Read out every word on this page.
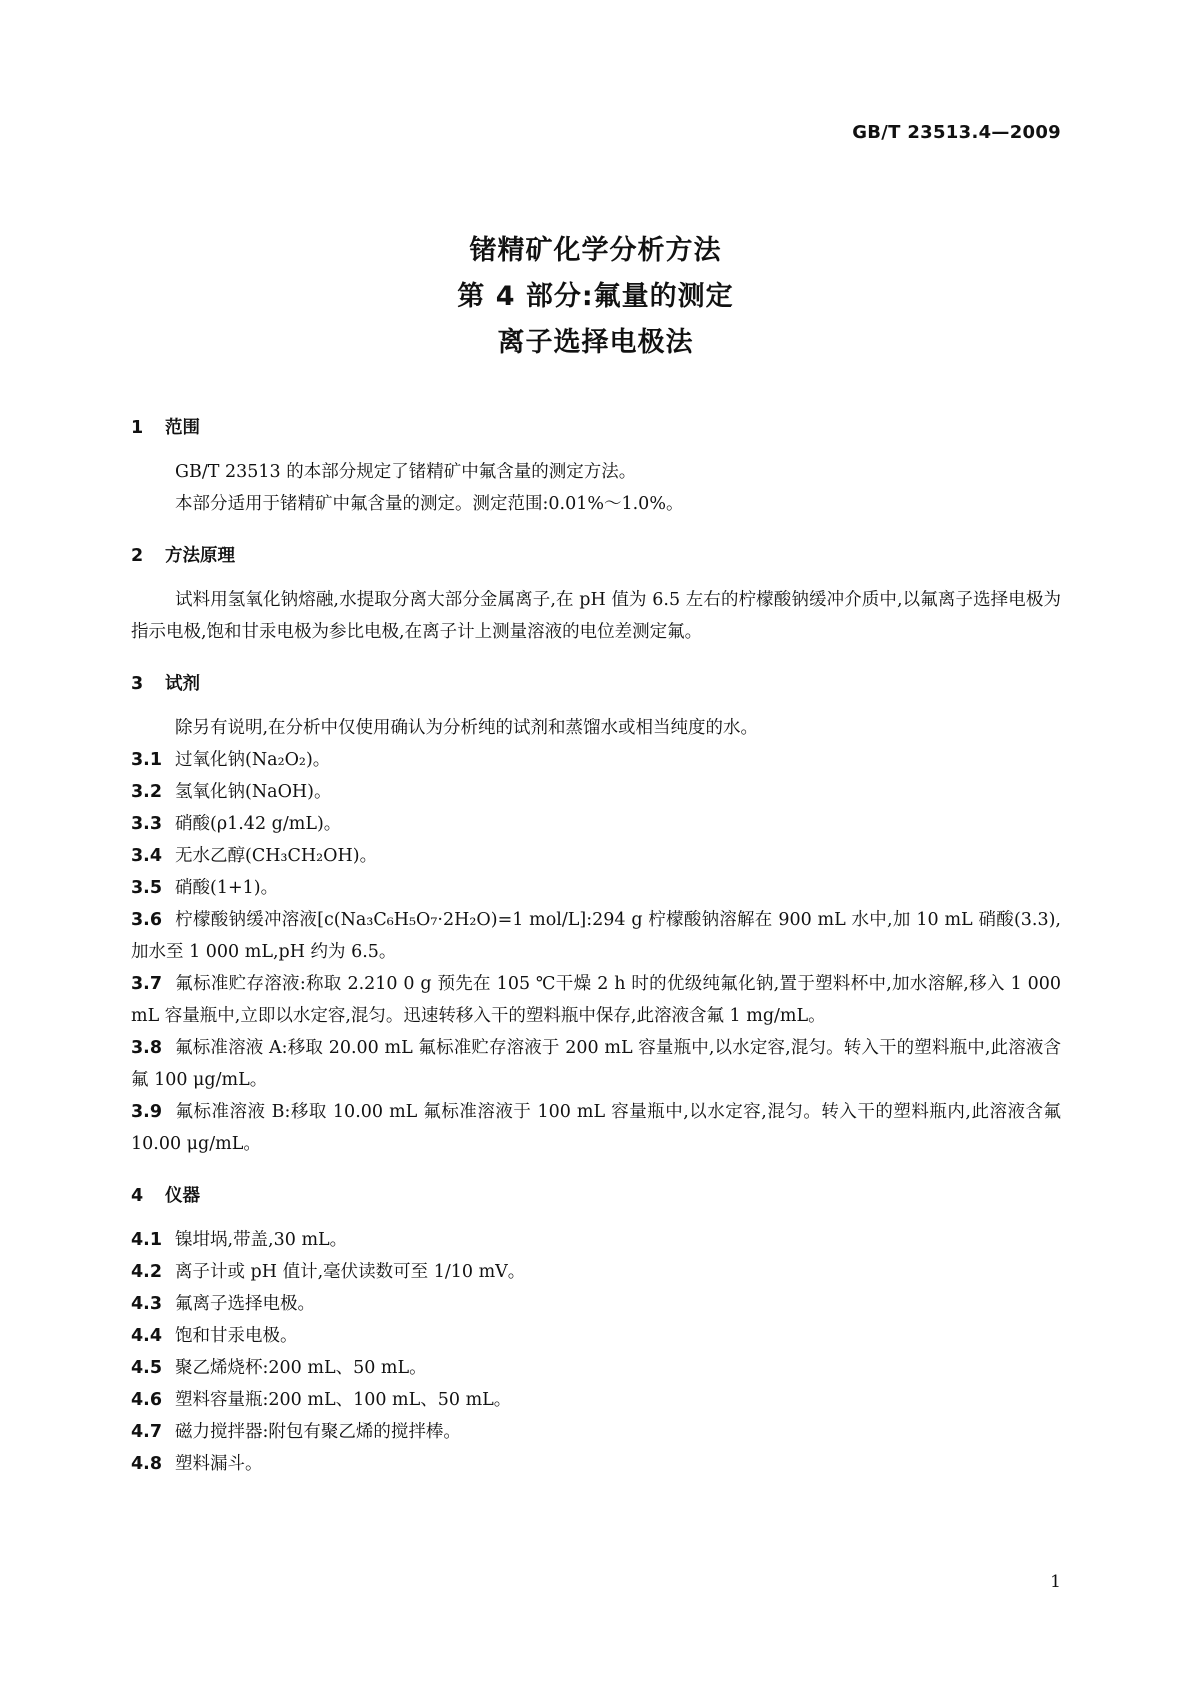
GB/T 23513.4—2009
锗精矿化学分析方法
第 4 部分:氟量的测定
离子选择电极法
1 范围
GB/T 23513 的本部分规定了锗精矿中氟含量的测定方法。
本部分适用于锗精矿中氟含量的测定。测定范围:0.01%～1.0%。
2 方法原理
试料用氢氧化钠熔融,水提取分离大部分金属离子,在 pH 值为 6.5 左右的柠檬酸钠缓冲介质中,以氟离子选择电极为指示电极,饱和甘汞电极为参比电极,在离子计上测量溶液的电位差测定氟。
3 试剂
除另有说明,在分析中仅使用确认为分析纯的试剂和蒸馏水或相当纯度的水。
3.1 过氧化钠(Na₂O₂)。
3.2 氢氧化钠(NaOH)。
3.3 硝酸(ρ1.42 g/mL)。
3.4 无水乙醇(CH₃CH₂OH)。
3.5 硝酸(1+1)。
3.6 柠檬酸钠缓冲溶液[c(Na₃C₆H₅O₇·2H₂O)=1 mol/L]:294 g 柠檬酸钠溶解在 900 mL 水中,加 10 mL 硝酸(3.3),加水至 1 000 mL,pH 约为 6.5。
3.7 氟标准贮存溶液:称取 2.210 0 g 预先在 105 ℃干燥 2 h 时的优级纯氟化钠,置于塑料杯中,加水溶解,移入 1 000 mL 容量瓶中,立即以水定容,混匀。迅速转移入干的塑料瓶中保存,此溶液含氟 1 mg/mL。
3.8 氟标准溶液 A:移取 20.00 mL 氟标准贮存溶液于 200 mL 容量瓶中,以水定容,混匀。转入干的塑料瓶中,此溶液含氟 100 μg/mL。
3.9 氟标准溶液 B:移取 10.00 mL 氟标准溶液于 100 mL 容量瓶中,以水定容,混匀。转入干的塑料瓶内,此溶液含氟 10.00 μg/mL。
4 仪器
4.1 镍坩埚,带盖,30 mL。
4.2 离子计或 pH 值计,毫伏读数可至 1/10 mV。
4.3 氟离子选择电极。
4.4 饱和甘汞电极。
4.5 聚乙烯烧杯:200 mL、50 mL。
4.6 塑料容量瓶:200 mL、100 mL、50 mL。
4.7 磁力搅拌器:附包有聚乙烯的搅拌棒。
4.8 塑料漏斗。
1
